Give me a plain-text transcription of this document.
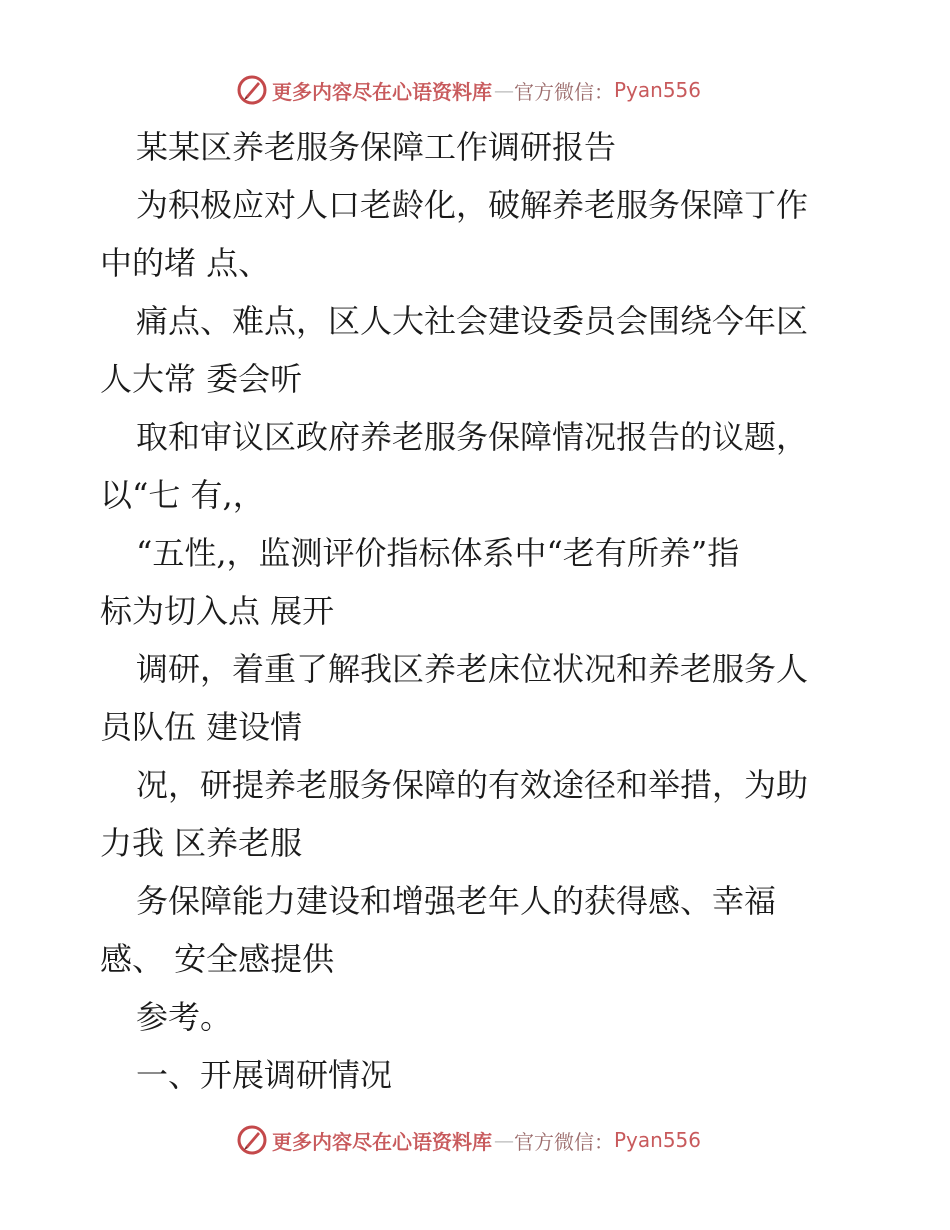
更多内容尽在心语资料库 — 官方微信： Pyan556
某某区养老服务保障工作调研报告
为积极应对人口老龄化，破解养老服务保障丁作
中的堵 点、
痛点、难点，区人大社会建设委员会围绕今年区
人大常 委会听
取和审议区政府养老服务保障情况报告的议题，
以“七 有,，
“五性,，监测评价指标体系中“老有所养”指
标为切入点 展开
调研，着重了解我区养老床位状况和养老服务人
员队伍 建设情
况，研提养老服务保障的有效途径和举措，为助
力我 区养老服
务保障能力建设和增强老年人的获得感、幸福
感、 安全感提供
参考。
一、开展调研情况
更多内容尽在心语资料库 — 官方微信： Pyan556
